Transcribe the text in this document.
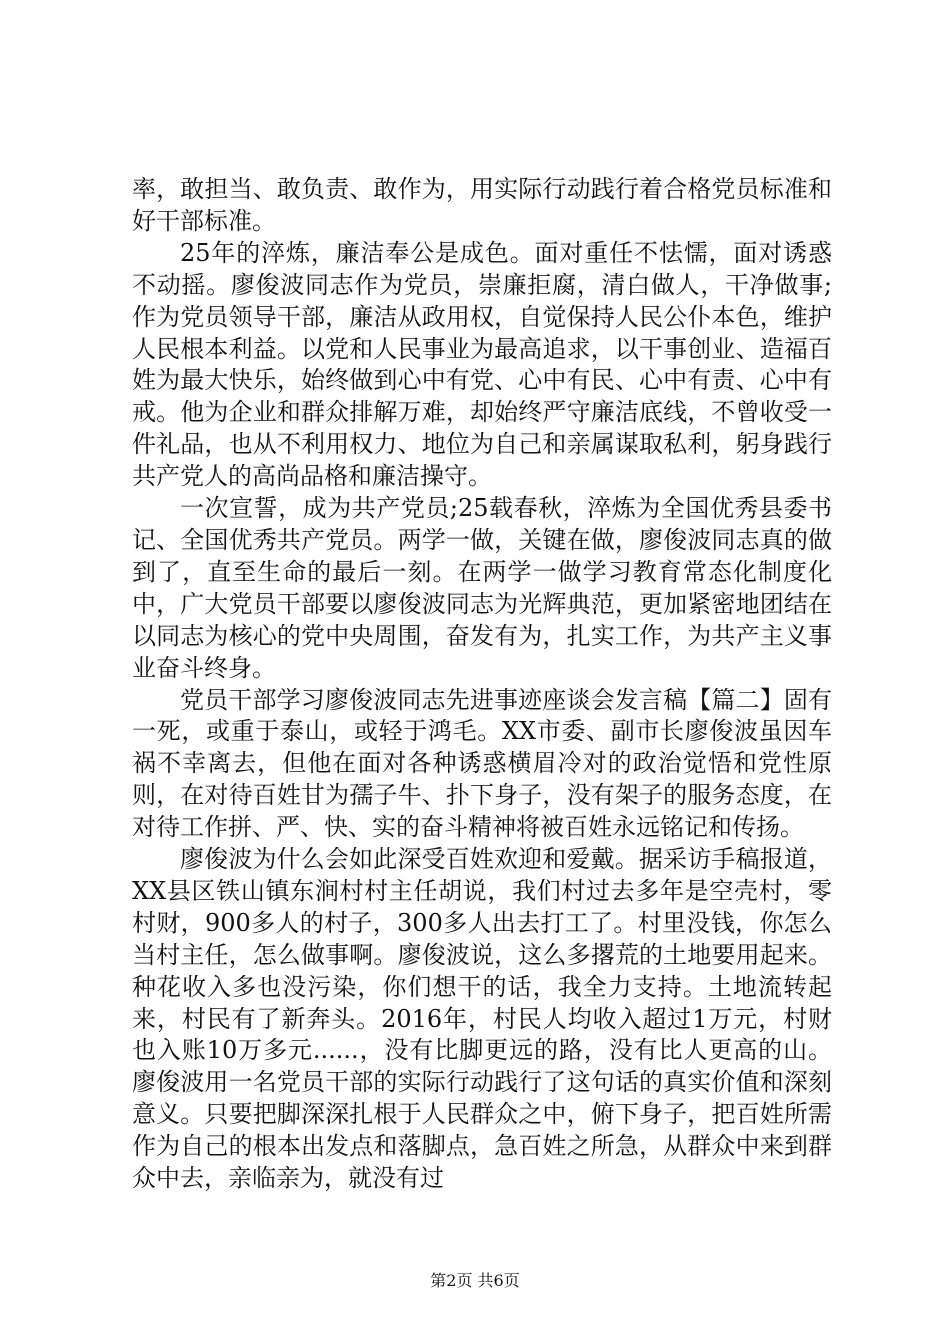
率，敢担当、敢负责、敢作为，用实际行动践行着合格党员标准和好干部标准。

25年的淬炼，廉洁奉公是成色。面对重任不怯懦，面对诱惑不动摇。廖俊波同志作为党员，崇廉拒腐，清白做人，干净做事;作为党员领导干部，廉洁从政用权，自觉保持人民公仆本色，维护人民根本利益。以党和人民事业为最高追求，以干事创业、造福百姓为最大快乐，始终做到心中有党、心中有民、心中有责、心中有戒。他为企业和群众排解万难，却始终严守廉洁底线，不曾收受一件礼品，也从不利用权力、地位为自己和亲属谋取私利，躬身践行共产党人的高尚品格和廉洁操守。

一次宣誓，成为共产党员;25载春秋，淬炼为全国优秀县委书记、全国优秀共产党员。两学一做，关键在做，廖俊波同志真的做到了，直至生命的最后一刻。在两学一做学习教育常态化制度化中，广大党员干部要以廖俊波同志为光辉典范，更加紧密地团结在以同志为核心的党中央周围，奋发有为，扎实工作，为共产主义事业奋斗终身。

党员干部学习廖俊波同志先进事迹座谈会发言稿【篇二】固有一死，或重于泰山，或轻于鸿毛。XX市委、副市长廖俊波虽因车祸不幸离去，但他在面对各种诱惑横眉冷对的政治觉悟和党性原则，在对待百姓甘为孺子牛、扑下身子，没有架子的服务态度，在对待工作拼、严、快、实的奋斗精神将被百姓永远铭记和传扬。

廖俊波为什么会如此深受百姓欢迎和爱戴。据采访手稿报道，XX县区铁山镇东涧村村主任胡说，我们村过去多年是空壳村，零村财，900多人的村子，300多人出去打工了。村里没钱，你怎么当村主任，怎么做事啊。廖俊波说，这么多撂荒的土地要用起来。种花收入多也没污染，你们想干的话，我全力支持。土地流转起来，村民有了新奔头。2016年，村民人均收入超过1万元，村财也入账10万多元......，没有比脚更远的路，没有比人更高的山。廖俊波用一名党员干部的实际行动践行了这句话的真实价值和深刻意义。只要把脚深深扎根于人民群众之中，俯下身子，把百姓所需作为自己的根本出发点和落脚点，急百姓之所急，从群众中来到群众中去，亲临亲为，就没有过

第2页 共6页
